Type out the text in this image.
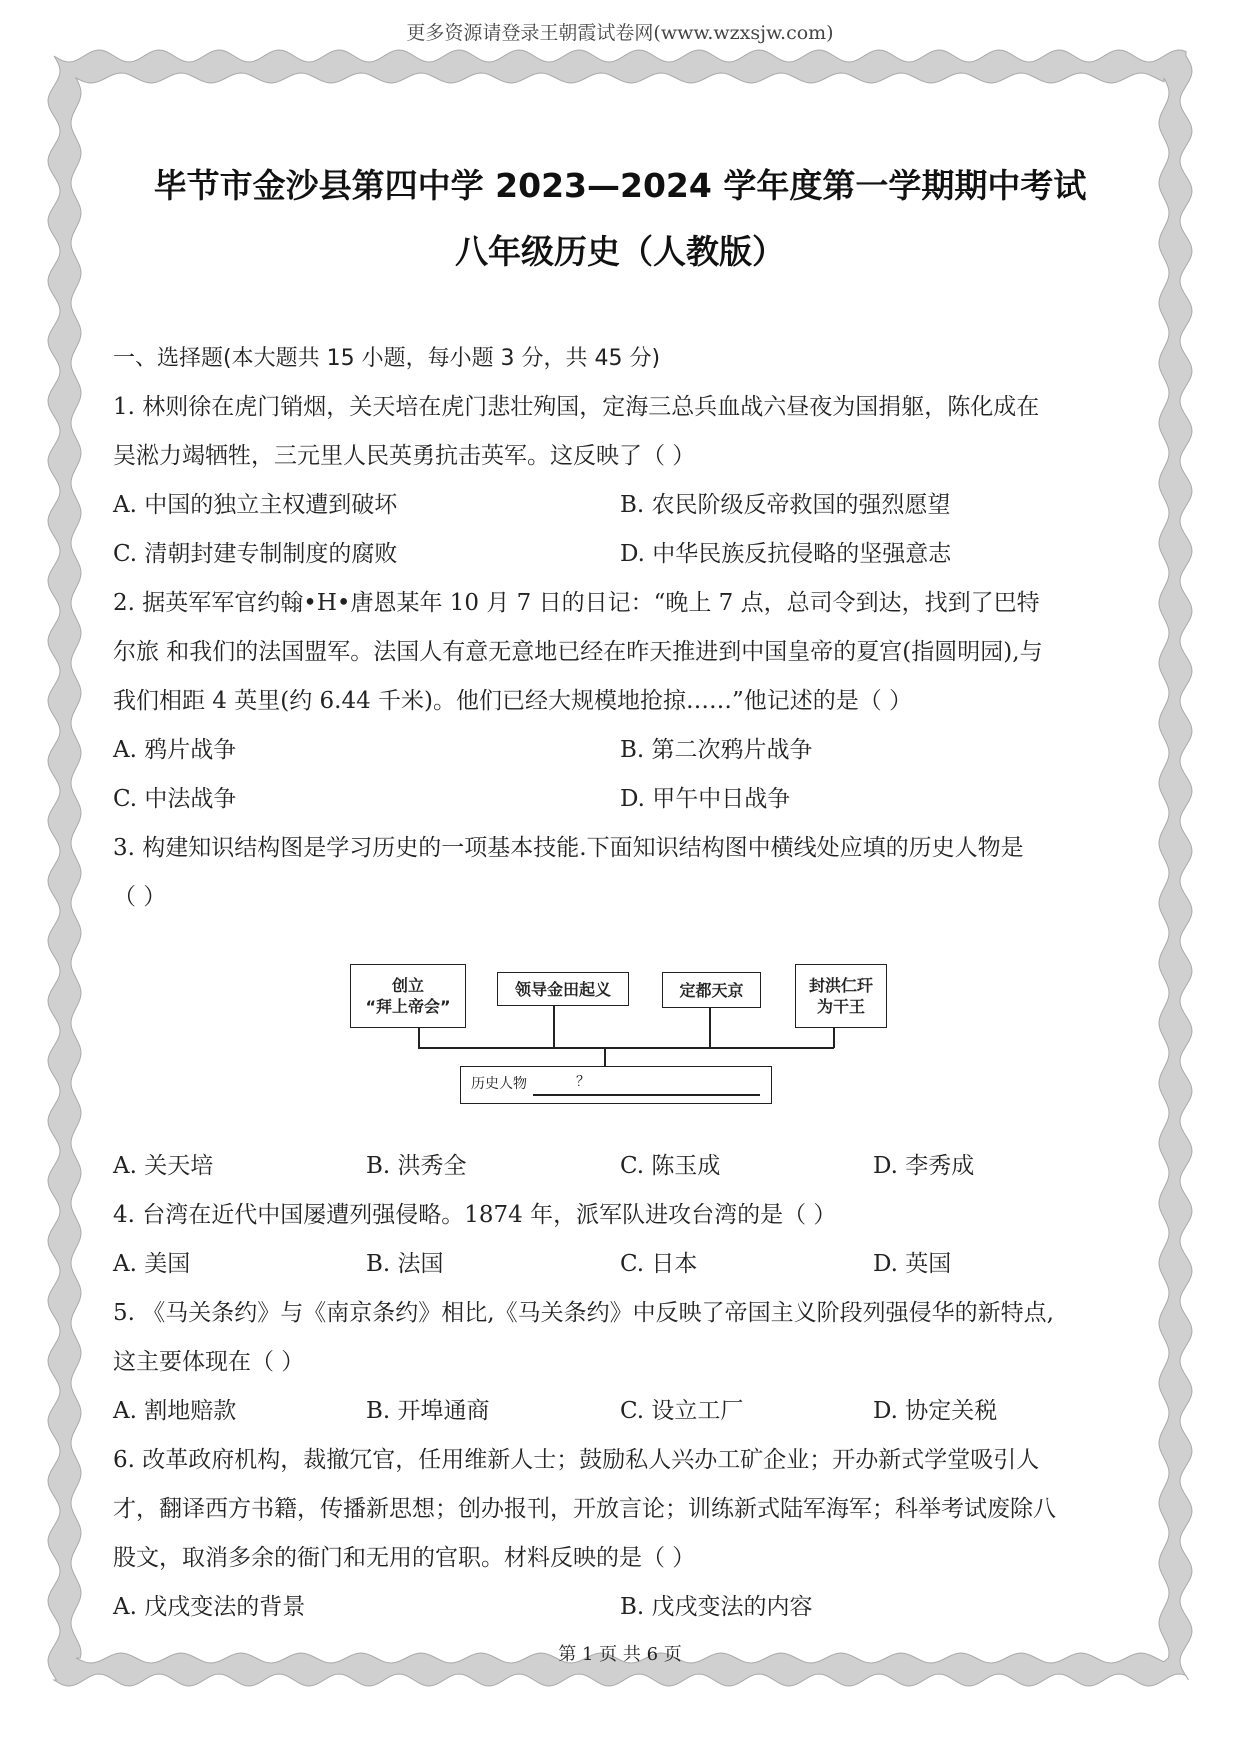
更多资源请登录王朝霞试卷网(www.wzxsjw.com)
毕节市金沙县第四中学 2023—2024 学年度第一学期期中考试
八年级历史（人教版）
一、选择题(本大题共 15 小题，每小题 3 分，共 45 分)
1. 林则徐在虎门销烟，关天培在虎门悲壮殉国，定海三总兵血战六昼夜为国捐躯，陈化成在
吴淞力竭牺牲，三元里人民英勇抗击英军。这反映了（ ）
A. 中国的独立主权遭到破坏	B. 农民阶级反帝救国的强烈愿望
C. 清朝封建专制制度的腐败	D. 中华民族反抗侵略的坚强意志
2. 据英军军官约翰•H•唐恩某年 10 月 7 日的日记：“晚上 7 点，总司令到达，找到了巴特
尔旅 和我们的法国盟军。法国人有意无意地已经在昨天推进到中国皇帝的夏宫(指圆明园),与
我们相距 4 英里(约 6.44 千米)。他们已经大规模地抢掠……”他记述的是（ ）
A. 鸦片战争	B. 第二次鸦片战争
C. 中法战争	D. 甲午中日战争
3. 构建知识结构图是学习历史的一项基本技能.下面知识结构图中横线处应填的历史人物是
（ ）
创立
“拜上帝会”
领导金田起义	定都天京	封洪仁玕
为干王
历史人物	？
A. 关天培	B. 洪秀全	C. 陈玉成	D. 李秀成
4. 台湾在近代中国屡遭列强侵略。1874 年，派军队进攻台湾的是（ ）
A. 美国	B. 法国	C. 日本	D. 英国
5. 《马关条约》与《南京条约》相比,《马关条约》中反映了帝国主义阶段列强侵华的新特点,
这主要体现在（ ）
A. 割地赔款	B. 开埠通商	C. 设立工厂	D. 协定关税
6. 改革政府机构，裁撤冗官，任用维新人士；鼓励私人兴办工矿企业；开办新式学堂吸引人
才，翻译西方书籍，传播新思想；创办报刊，开放言论；训练新式陆军海军；科举考试废除八
股文，取消多余的衙门和无用的官职。材料反映的是（ ）
A. 戊戌变法的背景	B. 戊戌变法的内容
第 1 页 共 6 页
